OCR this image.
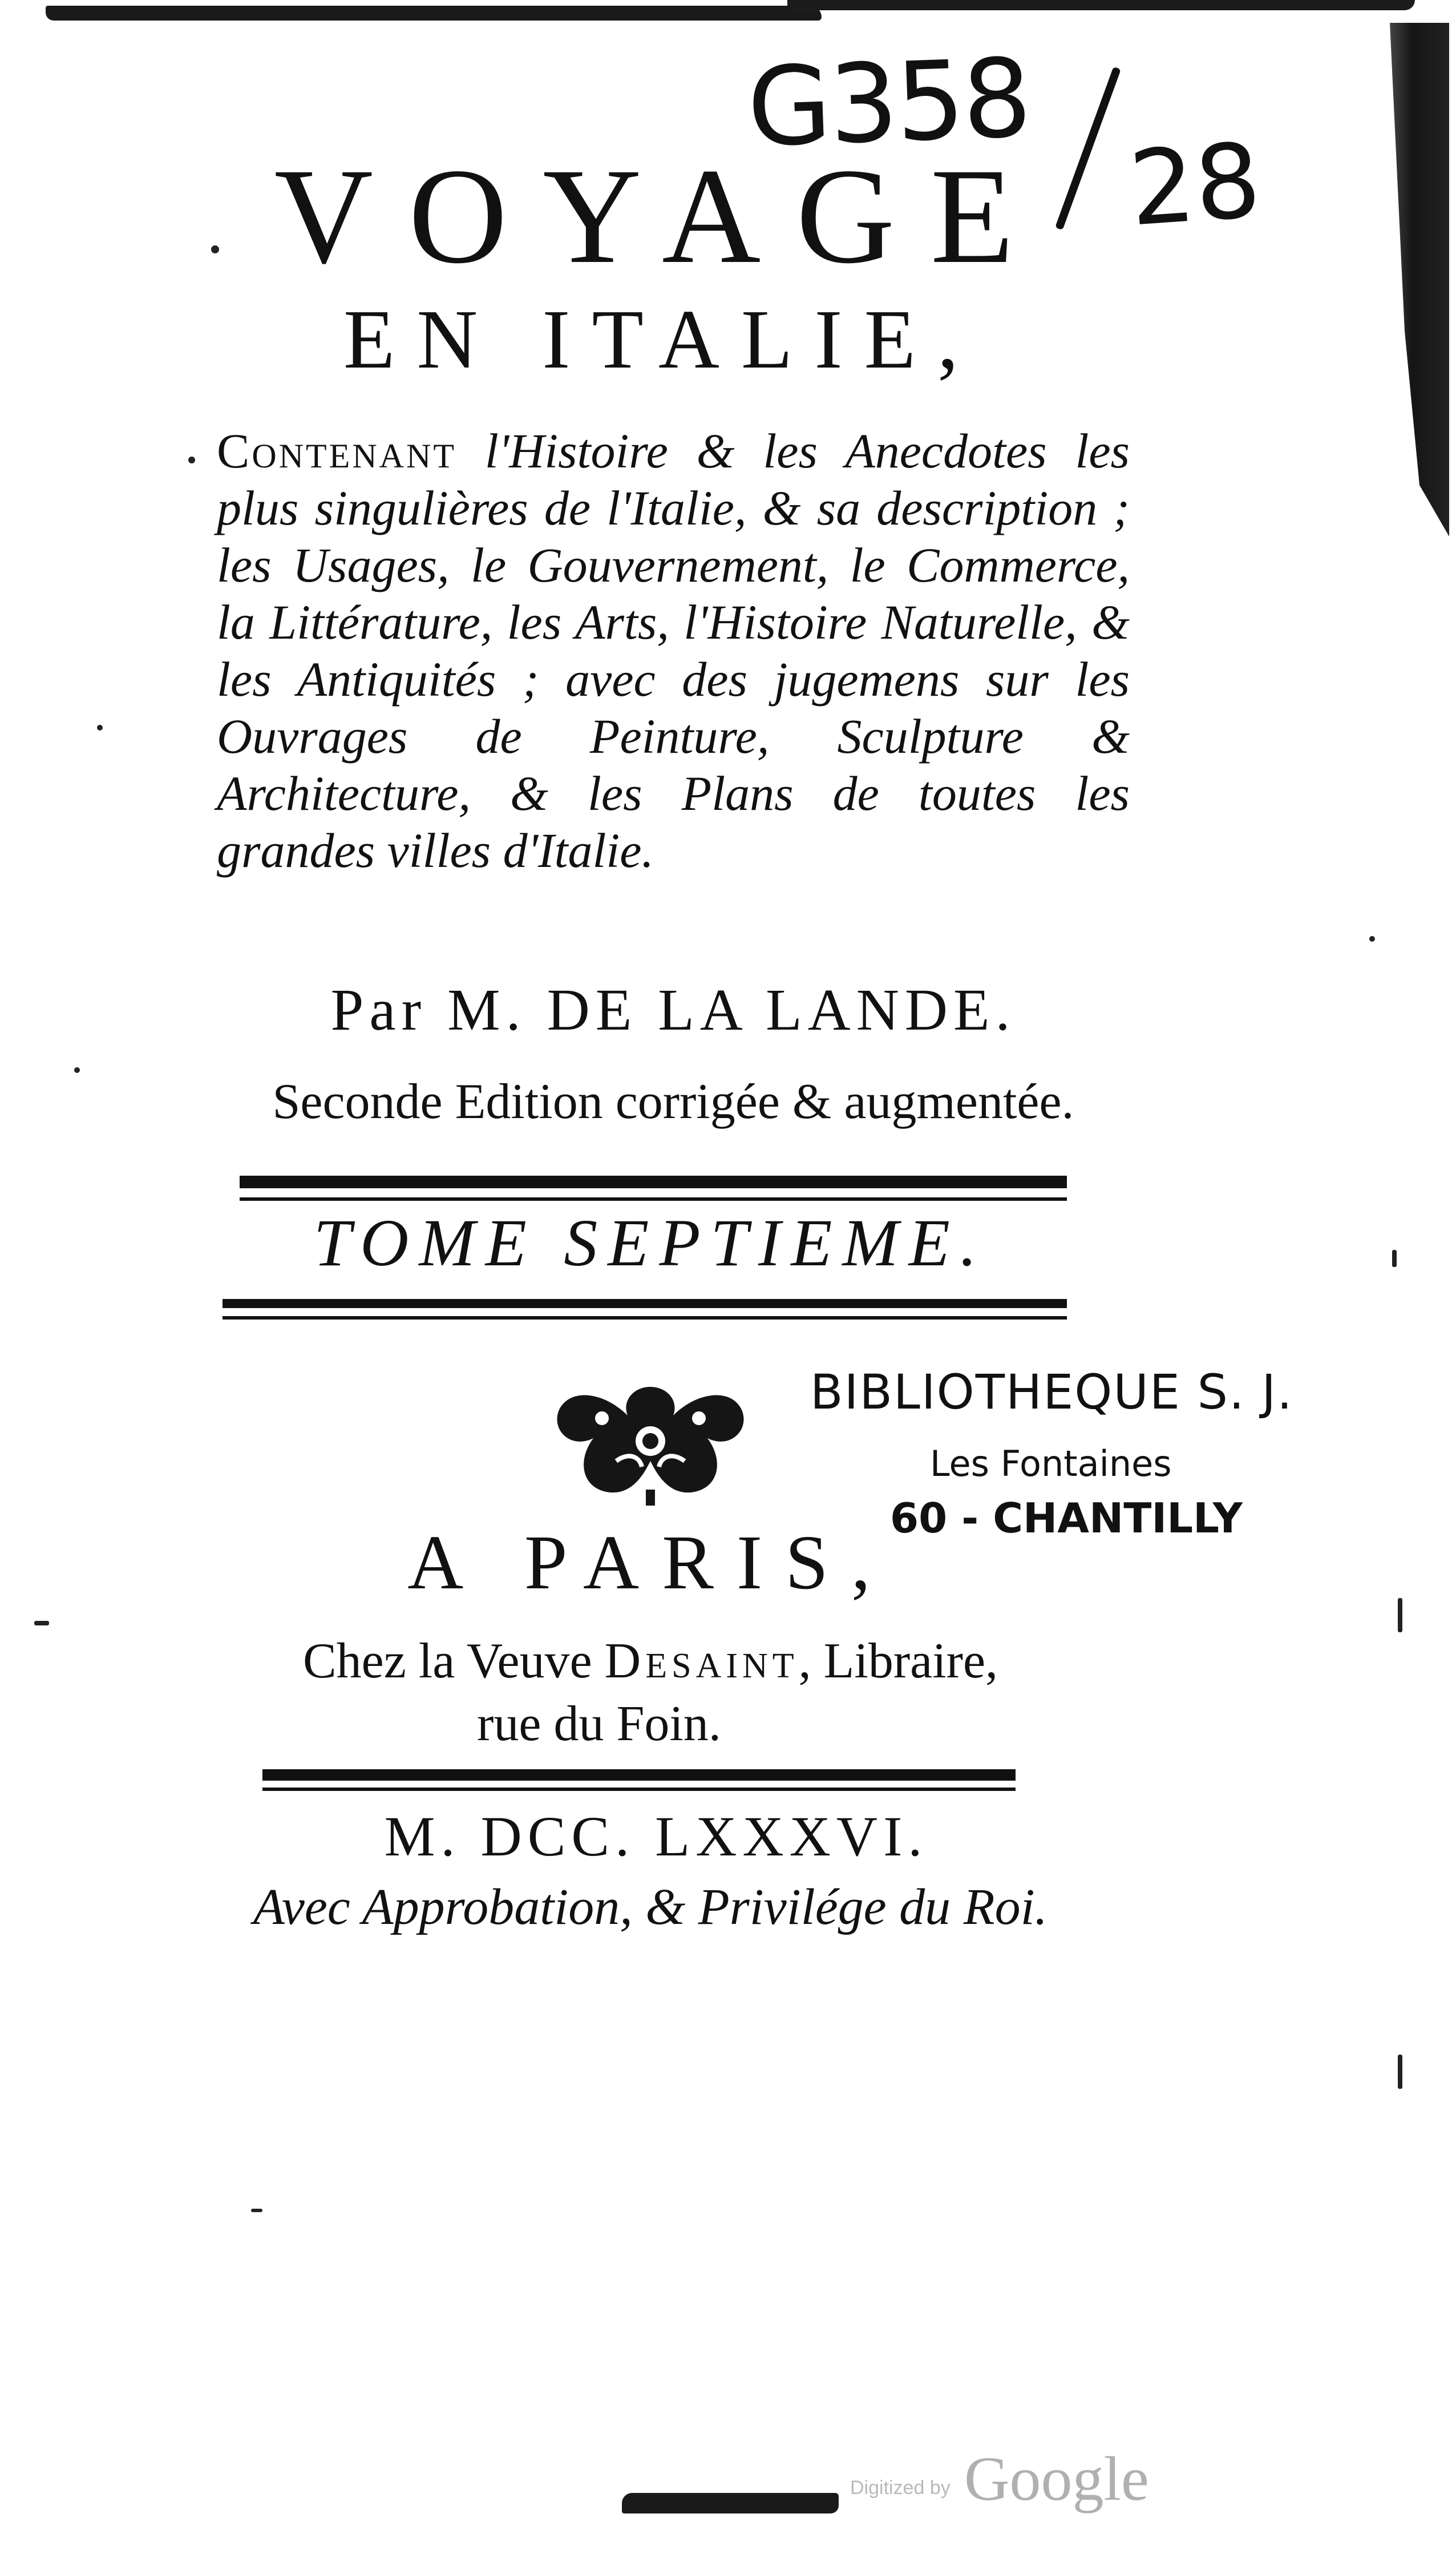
G358
28
VOYAGE
EN ITALIE,
Contenant l'Histoire & les Anecdotes les plus singulières de l'Italie, & sa description ; les Usages, le Gouvernement, le Commerce, la Littérature, les Arts, l'Histoire Naturelle, & les Antiquités ; avec des jugemens sur les Ouvrages de Peinture, Sculpture & Architecture, & les Plans de toutes les grandes villes d'Italie.
Par M. DE LA LANDE.
Seconde Edition corrigée & augmentée.
TOME SEPTIEME.
BIBLIOTHEQUE S. J.
Les Fontaines
60 - CHANTILLY
A PARIS,
Chez la Veuve Desaint, Libraire,
rue du Foin.
M. DCC. LXXXVI.
Avec Approbation, & Privilége du Roi.
Digitized by Google
